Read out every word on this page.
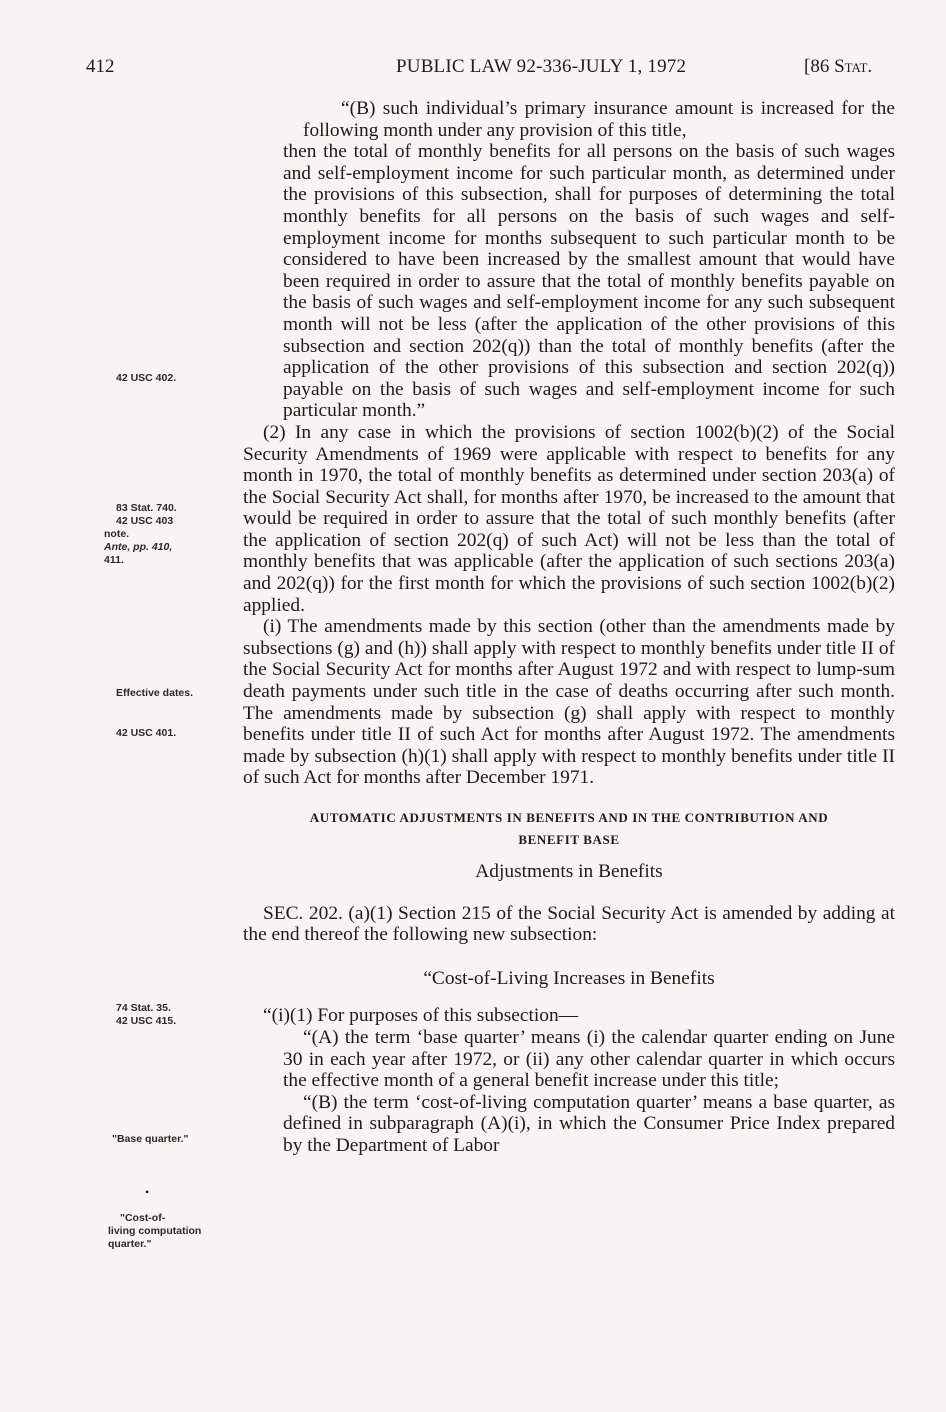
412	PUBLIC LAW 92-336-JULY 1, 1972	[86 Stat.
42 USC 402.
83 Stat. 740.
42 USC 403
note.
Ante, pp. 410,
411.
Effective dates.
42 USC 401.
74 Stat. 35.
42 USC 415.
"Base quarter."
"Cost-of-
living computation
quarter."
•

“(B) such individual’s primary insurance amount is increased for the following month under any provision of this title,

then the total of monthly benefits for all persons on the basis of such wages and self-employment income for such particular month, as determined under the provisions of this subsection, shall for purposes of determining the total monthly benefits for all persons on the basis of such wages and self-employment income for months subsequent to such particular month to be considered to have been increased by the smallest amount that would have been required in order to assure that the total of monthly benefits payable on the basis of such wages and self-employment income for any such subsequent month will not be less (after the application of the other provisions of this subsection and section 202(q)) than the total of monthly benefits (after the application of the other provisions of this subsection and section 202(q)) payable on the basis of such wages and self-employment income for such particular month.”

(2) In any case in which the provisions of section 1002(b)(2) of the Social Security Amendments of 1969 were applicable with respect to benefits for any month in 1970, the total of monthly benefits as determined under section 203(a) of the Social Security Act shall, for months after 1970, be increased to the amount that would be required in order to assure that the total of such monthly benefits (after the application of section 202(q) of such Act) will not be less than the total of monthly benefits that was applicable (after the application of such sections 203(a) and 202(q)) for the first month for which the provisions of such section 1002(b)(2) applied.

(i) The amendments made by this section (other than the amendments made by subsections (g) and (h)) shall apply with respect to monthly benefits under title II of the Social Security Act for months after August 1972 and with respect to lump-sum death payments under such title in the case of deaths occurring after such month. The amendments made by subsection (g) shall apply with respect to monthly benefits under title II of such Act for months after August 1972. The amendments made by subsection (h)(1) shall apply with respect to monthly benefits under title II of such Act for months after December 1971.

AUTOMATIC ADJUSTMENTS IN BENEFITS AND IN THE CONTRIBUTION AND
BENEFIT BASE

Adjustments in Benefits

SEC. 202. (a)(1) Section 215 of the Social Security Act is amended by adding at the end thereof the following new subsection:

“Cost-of-Living Increases in Benefits

“(i)(1) For purposes of this subsection—

“(A) the term ‘base quarter’ means (i) the calendar quarter ending on June 30 in each year after 1972, or (ii) any other calendar quarter in which occurs the effective month of a general benefit increase under this title;

“(B) the term ‘cost-of-living computation quarter’ means a base quarter, as defined in subparagraph (A)(i), in which the Consumer Price Index prepared by the Department of Labor
